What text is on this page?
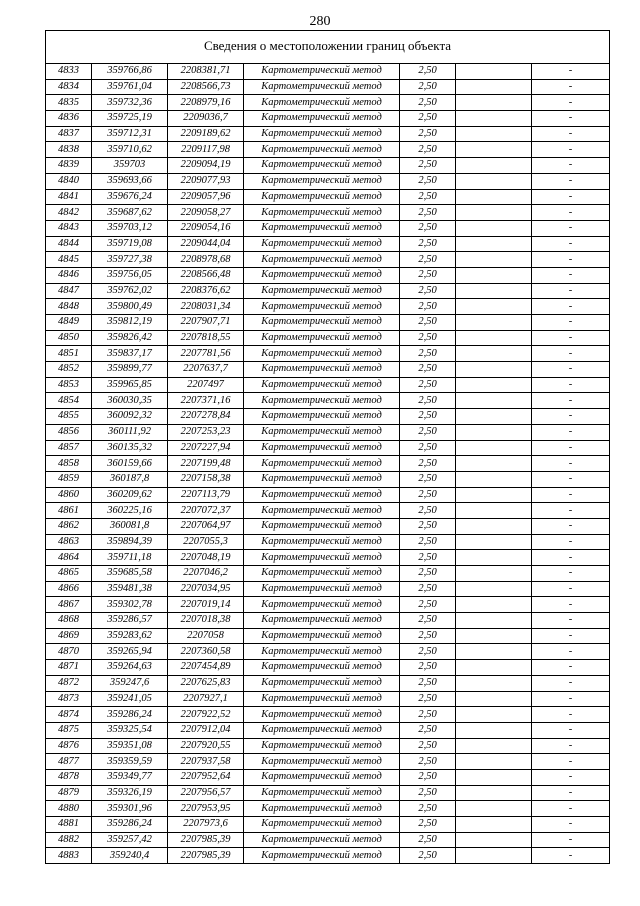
280
Сведения о местоположении границ объекта
4833	359766,86	2208381,71	Картометрический метод	2,50		-
4834	359761,04	2208566,73	Картометрический метод	2,50		-
4835	359732,36	2208979,16	Картометрический метод	2,50		-
4836	359725,19	2209036,7	Картометрический метод	2,50		-
4837	359712,31	2209189,62	Картометрический метод	2,50		-
4838	359710,62	2209117,98	Картометрический метод	2,50		-
4839	359703	2209094,19	Картометрический метод	2,50		-
4840	359693,66	2209077,93	Картометрический метод	2,50		-
4841	359676,24	2209057,96	Картометрический метод	2,50		-
4842	359687,62	2209058,27	Картометрический метод	2,50		-
4843	359703,12	2209054,16	Картометрический метод	2,50		-
4844	359719,08	2209044,04	Картометрический метод	2,50		-
4845	359727,38	2208978,68	Картометрический метод	2,50		-
4846	359756,05	2208566,48	Картометрический метод	2,50		-
4847	359762,02	2208376,62	Картометрический метод	2,50		-
4848	359800,49	2208031,34	Картометрический метод	2,50		-
4849	359812,19	2207907,71	Картометрический метод	2,50		-
4850	359826,42	2207818,55	Картометрический метод	2,50		-
4851	359837,17	2207781,56	Картометрический метод	2,50		-
4852	359899,77	2207637,7	Картометрический метод	2,50		-
4853	359965,85	2207497	Картометрический метод	2,50		-
4854	360030,35	2207371,16	Картометрический метод	2,50		-
4855	360092,32	2207278,84	Картометрический метод	2,50		-
4856	360111,92	2207253,23	Картометрический метод	2,50		-
4857	360135,32	2207227,94	Картометрический метод	2,50		-
4858	360159,66	2207199,48	Картометрический метод	2,50		-
4859	360187,8	2207158,38	Картометрический метод	2,50		-
4860	360209,62	2207113,79	Картометрический метод	2,50		-
4861	360225,16	2207072,37	Картометрический метод	2,50		-
4862	360081,8	2207064,97	Картометрический метод	2,50		-
4863	359894,39	2207055,3	Картометрический метод	2,50		-
4864	359711,18	2207048,19	Картометрический метод	2,50		-
4865	359685,58	2207046,2	Картометрический метод	2,50		-
4866	359481,38	2207034,95	Картометрический метод	2,50		-
4867	359302,78	2207019,14	Картометрический метод	2,50		-
4868	359286,57	2207018,38	Картометрический метод	2,50		-
4869	359283,62	2207058	Картометрический метод	2,50		-
4870	359265,94	2207360,58	Картометрический метод	2,50		-
4871	359264,63	2207454,89	Картометрический метод	2,50		-
4872	359247,6	2207625,83	Картометрический метод	2,50		-
4873	359241,05	2207927,1	Картометрический метод	2,50		-
4874	359286,24	2207922,52	Картометрический метод	2,50		-
4875	359325,54	2207912,04	Картометрический метод	2,50		-
4876	359351,08	2207920,55	Картометрический метод	2,50		-
4877	359359,59	2207937,58	Картометрический метод	2,50		-
4878	359349,77	2207952,64	Картометрический метод	2,50		-
4879	359326,19	2207956,57	Картометрический метод	2,50		-
4880	359301,96	2207953,95	Картометрический метод	2,50		-
4881	359286,24	2207973,6	Картометрический метод	2,50		-
4882	359257,42	2207985,39	Картометрический метод	2,50		-
4883	359240,4	2207985,39	Картометрический метод	2,50		-
